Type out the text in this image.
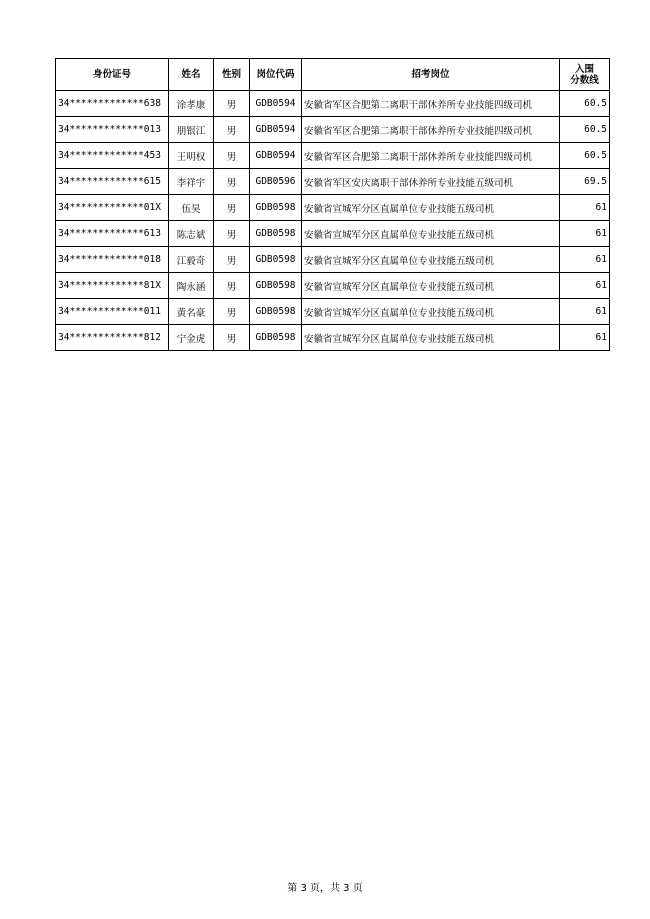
身份证号	姓名	性别	岗位代码	招考岗位	入围
分数线

34*************638	涂孝康	男	GDB0594	安徽省军区合肥第二离职干部休养所专业技能四级司机	60.5
34*************013	朋银江	男	GDB0594	安徽省军区合肥第二离职干部休养所专业技能四级司机	60.5
34*************453	王明权	男	GDB0594	安徽省军区合肥第二离职干部休养所专业技能四级司机	60.5
34*************615	李祥宇	男	GDB0596	安徽省军区安庆离职干部休养所专业技能五级司机	69.5
34*************01X	伍昊	男	GDB0598	安徽省宣城军分区直属单位专业技能五级司机	61
34*************613	陈志斌	男	GDB0598	安徽省宣城军分区直属单位专业技能五级司机	61
34*************018	江毅奇	男	GDB0598	安徽省宣城军分区直属单位专业技能五级司机	61
34*************81X	陶永涵	男	GDB0598	安徽省宣城军分区直属单位专业技能五级司机	61
34*************011	黄名豪	男	GDB0598	安徽省宣城军分区直属单位专业技能五级司机	61
34*************812	宁金虎	男	GDB0598	安徽省宣城军分区直属单位专业技能五级司机	61
第 3 页，共 3 页
